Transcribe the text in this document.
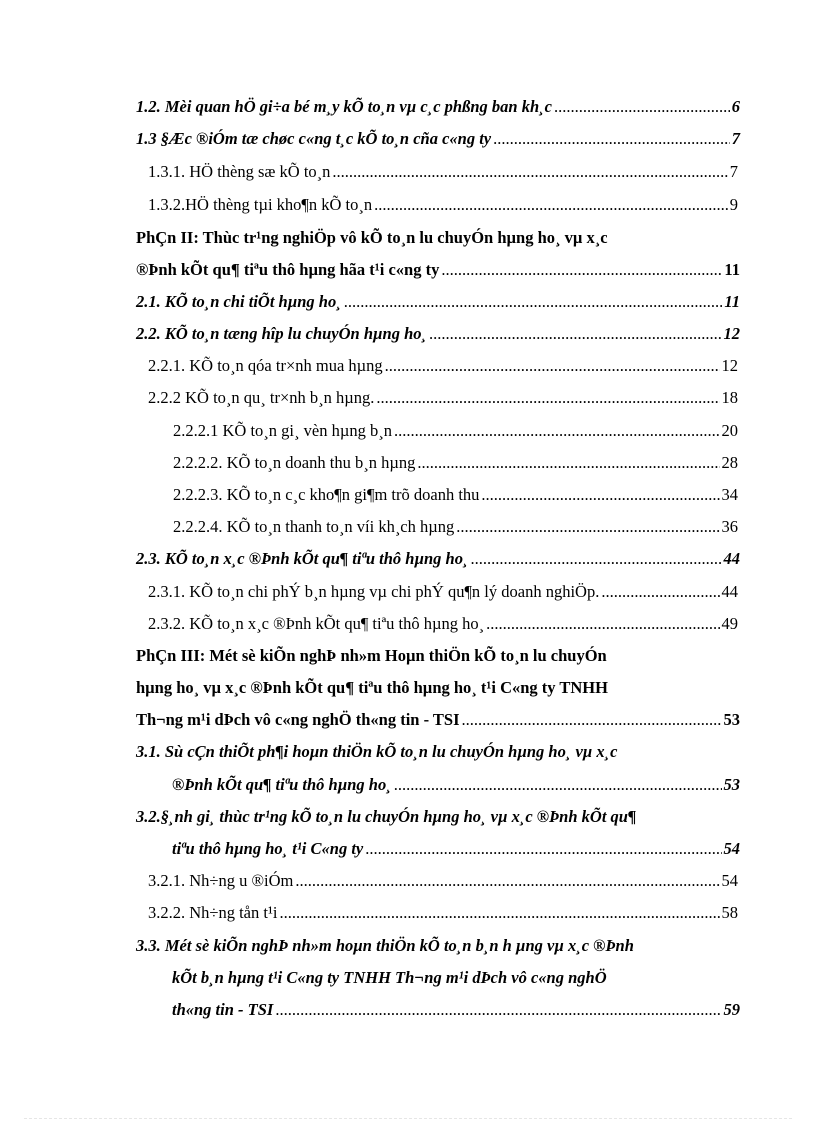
1.2. Mèi quan hÖ gi÷a bé m¸y kÕ to¸n vµ c¸c phßng ban kh¸c .....	6
1.3 §Æc ®iÓm tæ chøc c«ng t¸c kÕ to¸n cña c«ng ty .....	7
1.3.1. HÖ thèng sæ kÕ to¸n .....	7
1.3.2.HÖ thèng tµi kho¶n kÕ to¸n .....	9
PhÇn II: Thùc tr¹ng nghiÖp vô kÕ to¸n lu chuyÓn hµng ho¸ vµ x¸c
®Þnh kÕt qu¶ tiªu thô hµng hãa t¹i c«ng ty .....	11
2.1. KÕ to¸n chi tiÕt hµng ho¸ .....	11
2.2. KÕ to¸n tæng hîp lu chuyÓn hµng ho¸ .....	12
2.2.1. KÕ to¸n qóa tr×nh mua hµng .....	12
2.2.2 KÕ to¸n qu¸ tr×nh b¸n hµng. .....	18
2.2.2.1 KÕ to¸n gi¸ vèn hµng b¸n .....	20
2.2.2.2. KÕ to¸n doanh thu b¸n hµng .....	28
2.2.2.3. KÕ to¸n c¸c kho¶n gi¶m trõ doanh thu .....	34
2.2.2.4. KÕ to¸n thanh to¸n víi kh¸ch hµng .....	36
2.3. KÕ to¸n x¸c ®Þnh kÕt qu¶ tiªu thô hµng ho¸ .....	44
2.3.1. KÕ to¸n chi phÝ b¸n hµng vµ chi phÝ qu¶n lý doanh nghiÖp. .....	44
2.3.2. KÕ to¸n x¸c ®Þnh kÕt qu¶ tiªu thô hµng ho¸ .....	49
PhÇn III: Mét sè kiÕn nghÞ nh»m Hoµn thiÖn kÕ to¸n lu chuyÓn
hµng ho¸ vµ x¸c ®Þnh kÕt qu¶ tiªu thô hµng ho¸ t¹i C«ng ty TNHH
Th¬ng m¹i dÞch vô c«ng nghÖ th«ng tin - TSI .....	53
3.1. Sù cÇn thiÕt ph¶i hoµn thiÖn kÕ to¸n lu chuyÓn hµng ho¸ vµ x¸c
®Þnh kÕt qu¶ tiªu thô hµng ho¸ .....	53
3.2.§¸nh gi¸ thùc tr¹ng kÕ to¸n lu chuyÓn hµng ho¸ vµ x¸c ®Þnh kÕt qu¶
tiªu thô hµng ho¸ t¹i C«ng ty .....	54
3.2.1. Nh÷ng u ®iÓm .....	54
3.2.2. Nh÷ng tån t¹i .....	58
3.3. Mét sè kiÕn nghÞ nh»m hoµn thiÖn kÕ to¸n b¸n h µng vµ x¸c ®Þnh
kÕt b¸n hµng t¹i C«ng ty TNHH Th¬ng m¹i dÞch vô c«ng nghÖ
th«ng tin - TSI .....	59
